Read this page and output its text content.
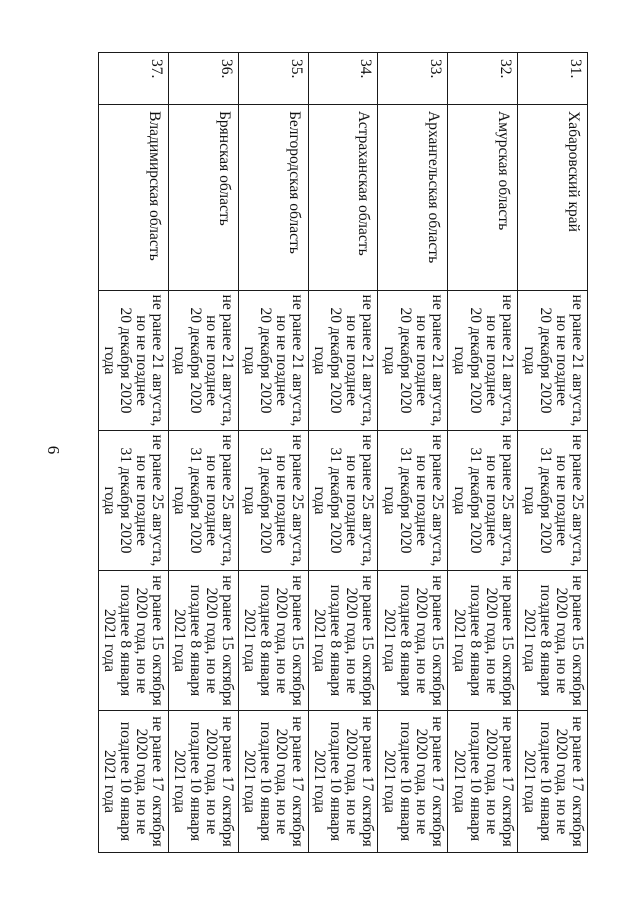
6
31.	Хабаровский край	не ранее 21 августа,
но не позднее
20 декабря 2020 года	не ранее 25 августа,
но не позднее
31 декабря 2020 года	не ранее 15 октября
2020 года, но не
позднее 8 января
2021 года	не ранее 17 октября
2020 года, но не
позднее 10 января
2021 года

32.	Амурская область	не ранее 21 августа,
но не позднее
20 декабря 2020 года	не ранее 25 августа,
но не позднее
31 декабря 2020 года	не ранее 15 октября
2020 года, но не
позднее 8 января
2021 года	не ранее 17 октября
2020 года, но не
позднее 10 января
2021 года

33.	Архангельская область	не ранее 21 августа,
но не позднее
20 декабря 2020 года	не ранее 25 августа,
но не позднее
31 декабря 2020 года	не ранее 15 октября
2020 года, но не
позднее 8 января
2021 года	не ранее 17 октября
2020 года, но не
позднее 10 января
2021 года

34.	Астраханская область	не ранее 21 августа,
но не позднее
20 декабря 2020 года	не ранее 25 августа,
но не позднее
31 декабря 2020 года	не ранее 15 октября
2020 года, но не
позднее 8 января
2021 года	не ранее 17 октября
2020 года, но не
позднее 10 января
2021 года

35.	Белгородская область	не ранее 21 августа,
но не позднее
20 декабря 2020 года	не ранее 25 августа,
но не позднее
31 декабря 2020 года	не ранее 15 октября
2020 года, но не
позднее 8 января
2021 года	не ранее 17 октября
2020 года, но не
позднее 10 января
2021 года

36.	Брянская область	не ранее 21 августа,
но не позднее
20 декабря 2020 года	не ранее 25 августа,
но не позднее
31 декабря 2020 года	не ранее 15 октября
2020 года, но не
позднее 8 января
2021 года	не ранее 17 октября
2020 года, но не
позднее 10 января
2021 года

37.	Владимирская область	не ранее 21 августа,
но не позднее
20 декабря 2020 года	не ранее 25 августа,
но не позднее
31 декабря 2020 года	не ранее 15 октября
2020 года, но не
позднее 8 января
2021 года	не ранее 17 октября
2020 года, но не
позднее 10 января
2021 года
